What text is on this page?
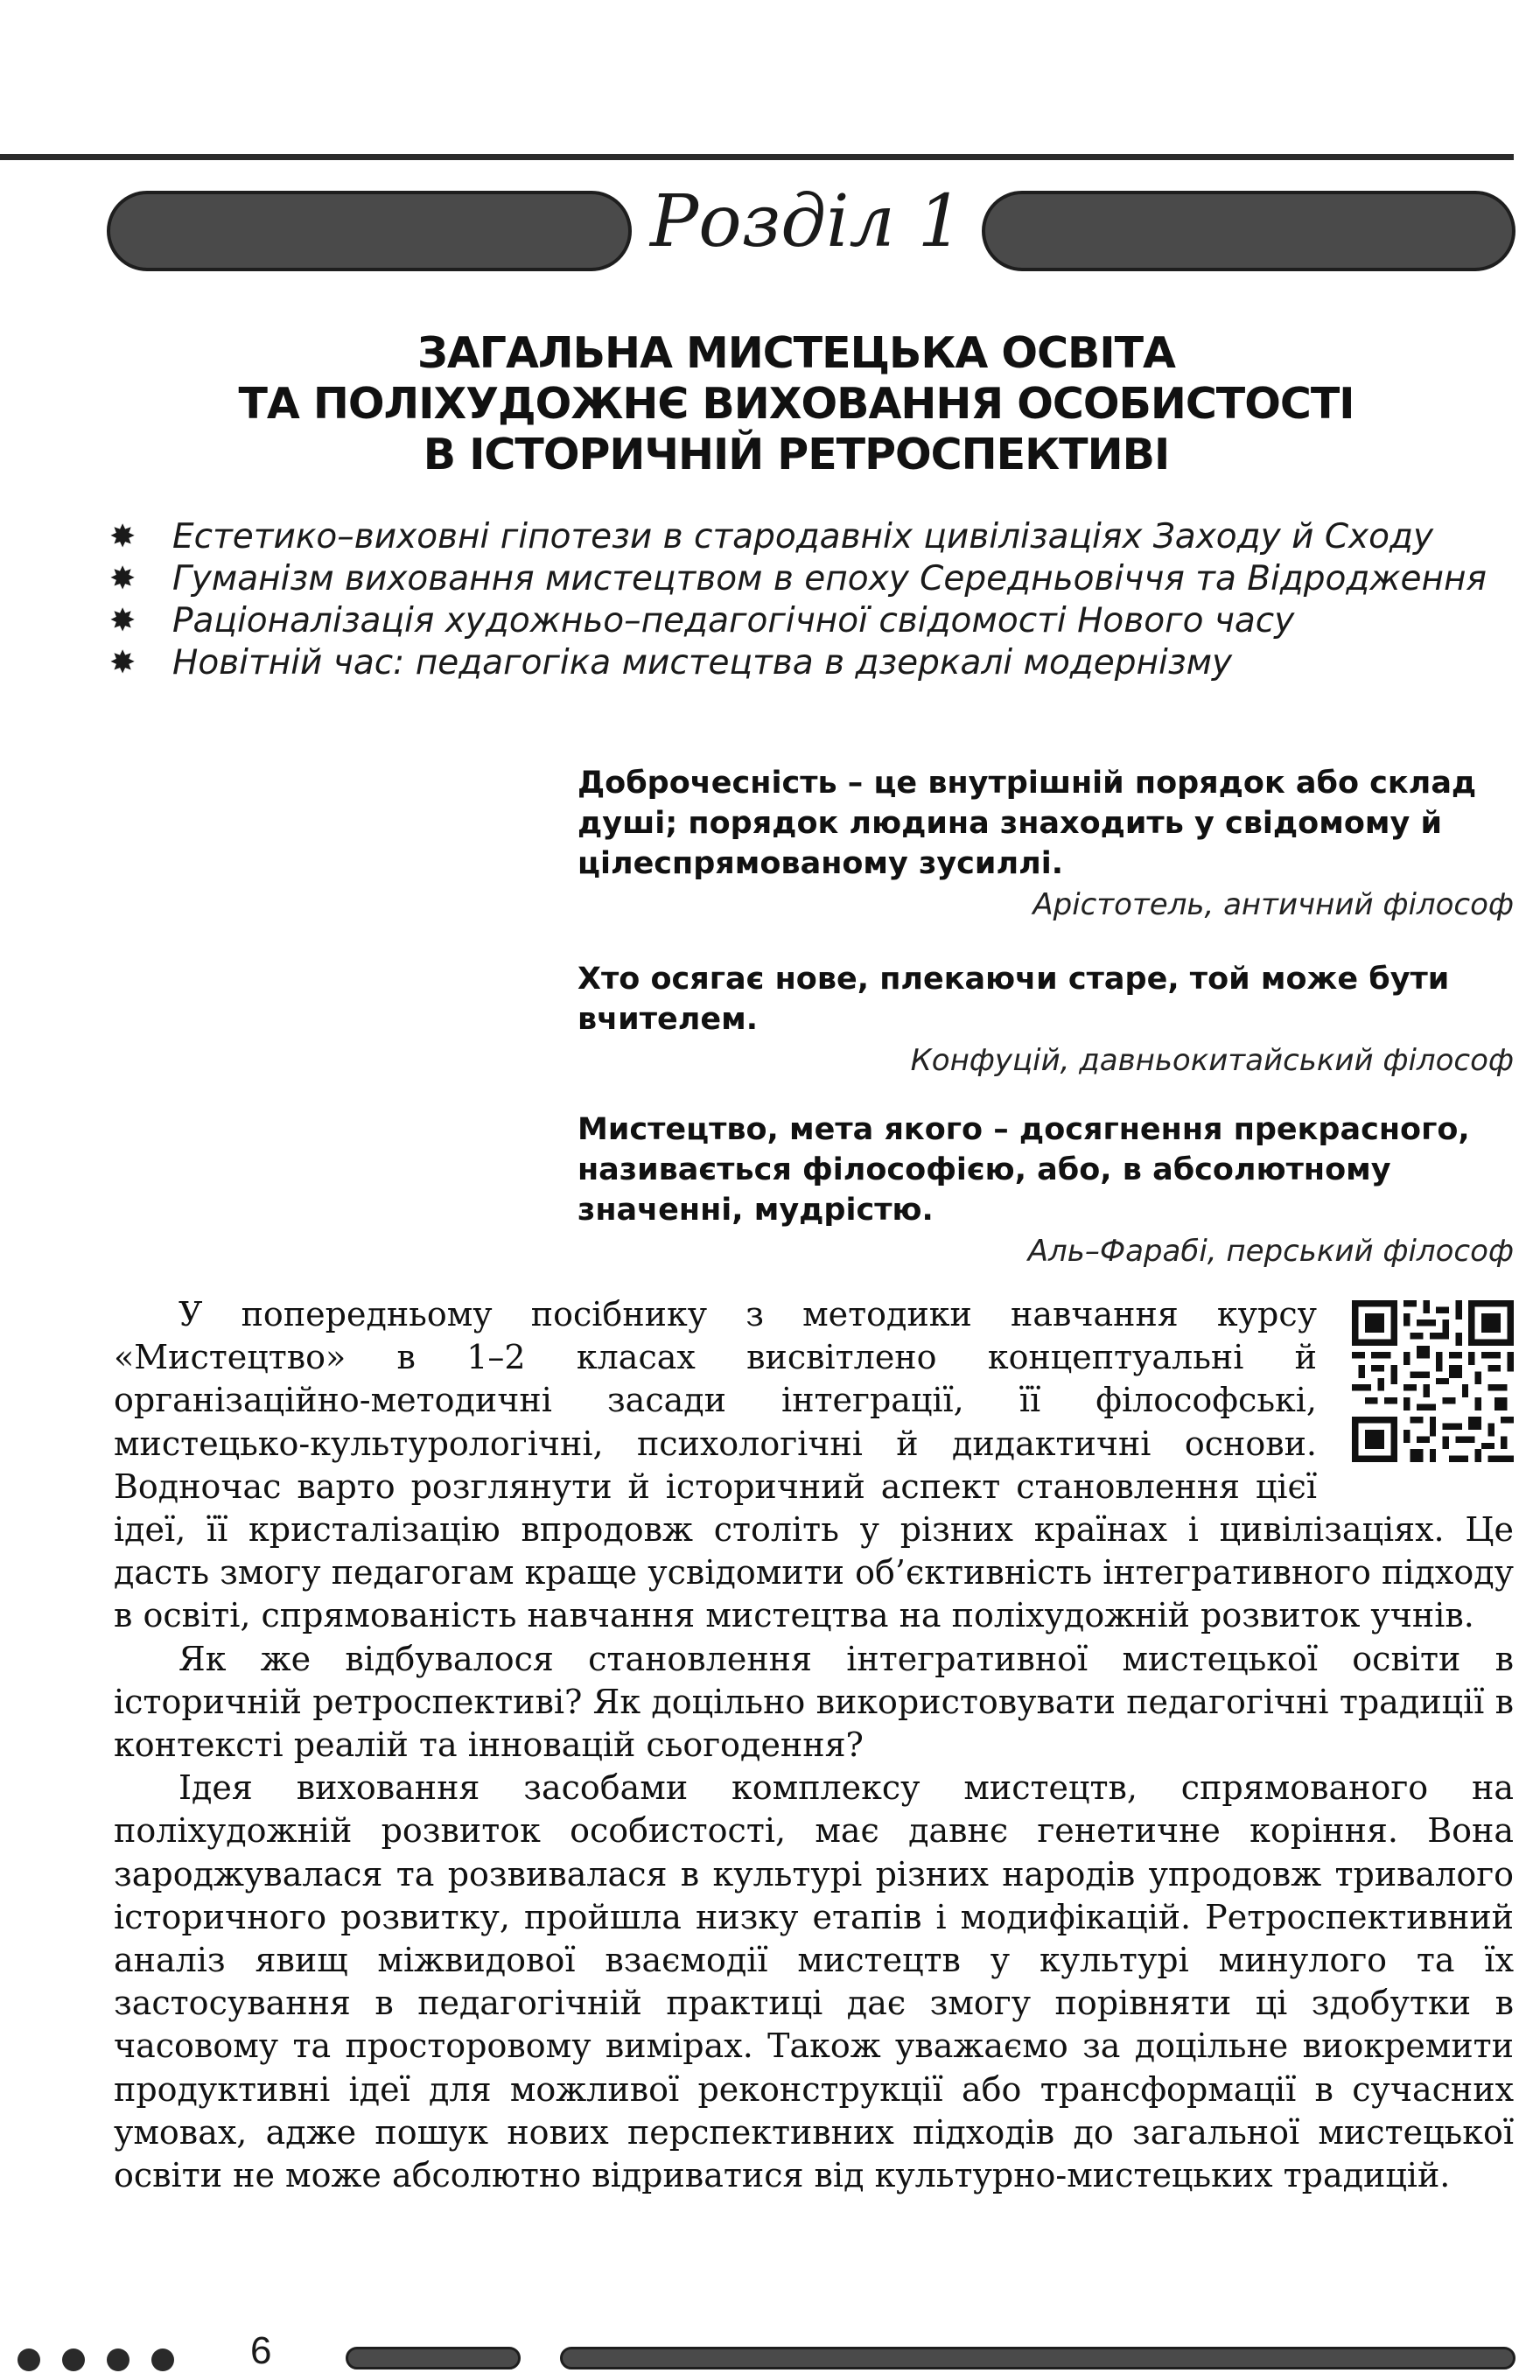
Розділ 1
ЗАГАЛЬНА МИСТЕЦЬКА ОСВІТА
ТА ПОЛІХУДОЖНЄ ВИХОВАННЯ ОСОБИСТОСТІ
В ІСТОРИЧНІЙ РЕТРОСПЕКТИВІ
✸ Естетико–виховні гіпотези в стародавніх цивілізаціях Заходу й Сходу
✸ Гуманізм виховання мистецтвом в епоху Середньовіччя та Відродження
✸ Раціоналізація художньо–педагогічної свідомості Нового часу
✸ Новітній час: педагогіка мистецтва в дзеркалі модернізму
Доброчесність – це внутрішній порядок або склад душі; порядок людина знаходить у свідомому й цілеспрямованому зусиллі.
Арістотель, античний філософ
Хто осягає нове, плекаючи старе, той може бути вчителем.
Конфуцій, давньокитайський філософ
Мистецтво, мета якого – досягнення прекрасного, називається філософією, або, в абсолютному значенні, мудрістю.
Аль–Фарабі, перський філософ

У попередньому посібнику з методики навчання курсу «Мистецтво» в 1–2 класах висвітлено концептуальні й організаційно-методичні засади інтеграції, її філософські, мистецько-культурологічні, психологічні й дидактичні основи. Водночас варто розглянути й історичний аспект становлення цієї ідеї, її кристалізацію впродовж століть у різних країнах і цивілізаціях. Це дасть змогу педагогам краще усвідомити об’єктивність інтегративного підходу в освіті, спрямованість навчання мистецтва на поліхудожній розвиток учнів.

Як же відбувалося становлення інтегративної мистецької освіти в історичній ретроспективі? Як доцільно використовувати педагогічні традиції в контексті реалій та інновацій сьогодення?

Ідея виховання засобами комплексу мистецтв, спрямованого на поліхудожній розвиток особистості, має давнє генетичне коріння. Вона зароджувалася та розвивалася в культурі різних народів упродовж тривалого історичного розвитку, пройшла низку етапів і модифікацій. Ретроспективний аналіз явищ міжвидової взаємодії мистецтв у культурі минулого та їх застосування в педагогічній практиці дає змогу порівняти ці здобутки в часовому та просторовому вимірах. Також уважаємо за доцільне виокремити продуктивні ідеї для можливої реконструкції або трансформації в сучасних умовах, адже пошук нових перспективних підходів до загальної мистецької освіти не може абсолютно відриватися від культурно-мистецьких традицій.

6
